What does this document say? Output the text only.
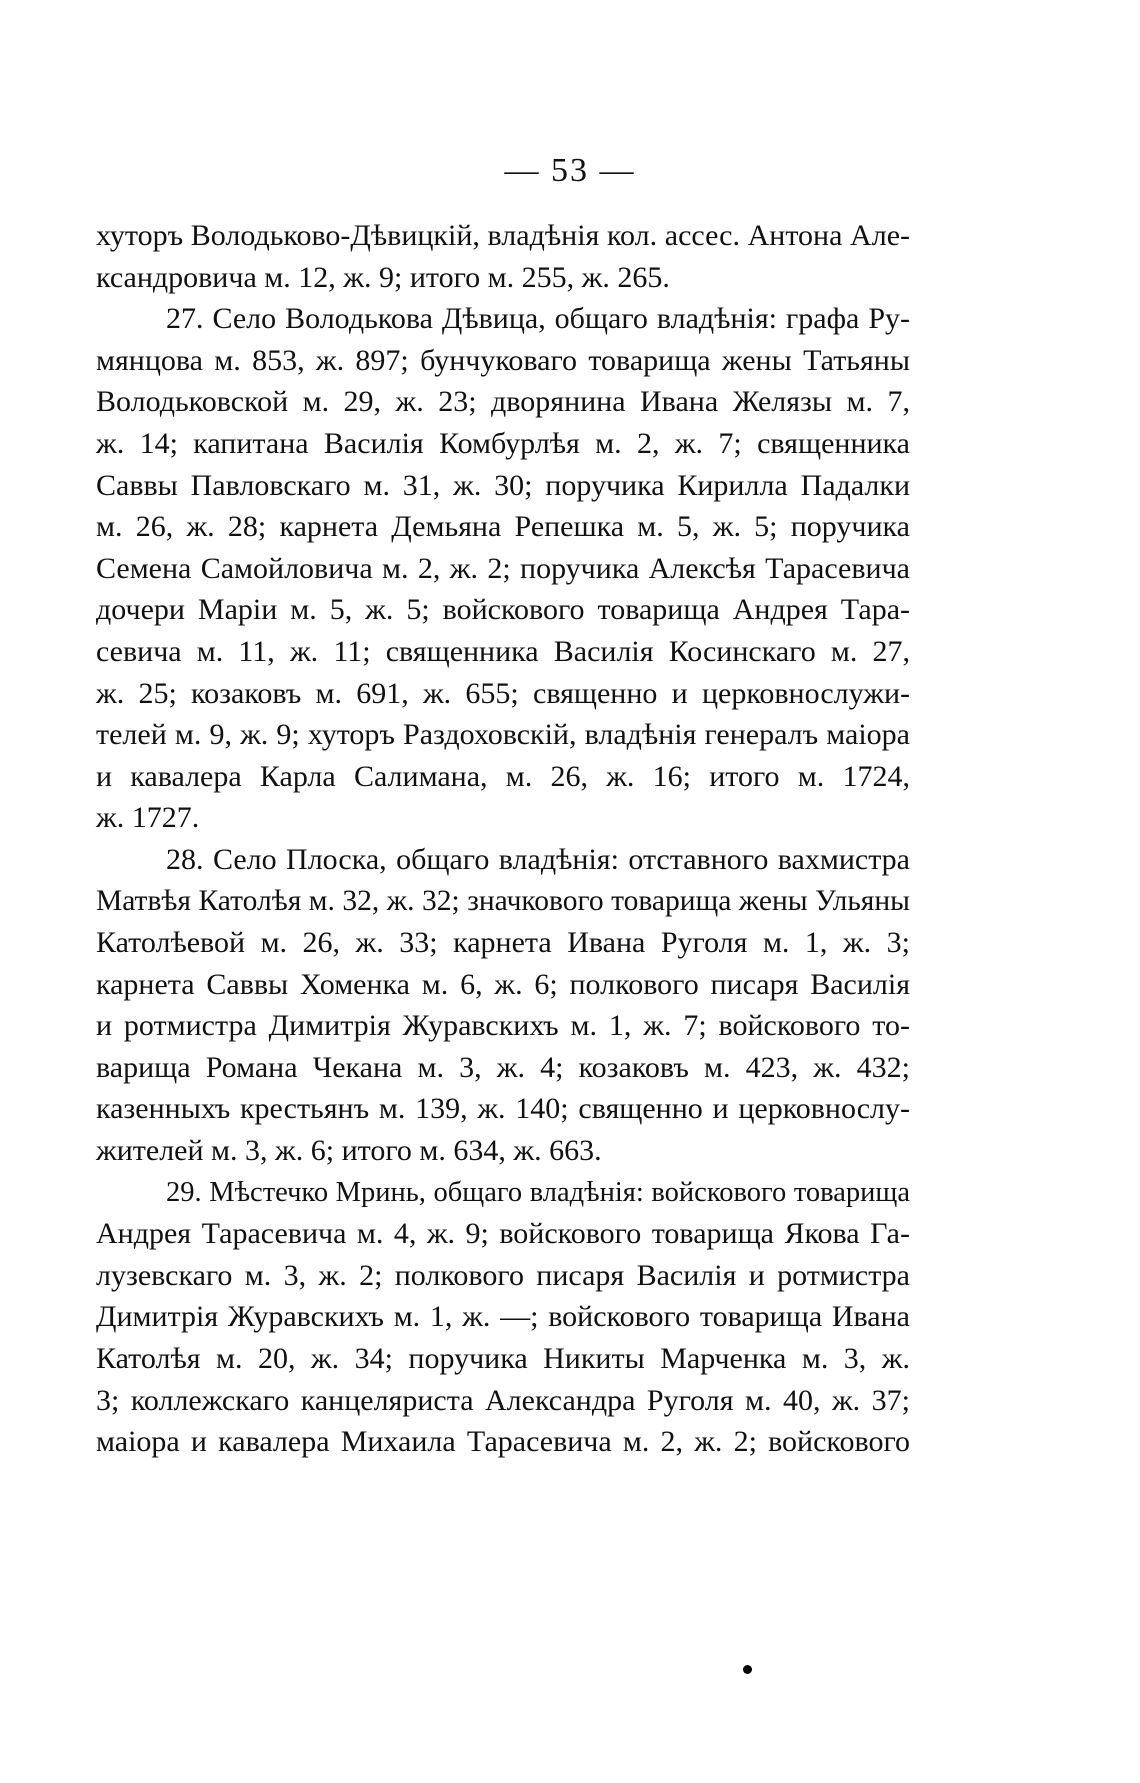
— 53 —
хуторъ Володьково-Дѣвицкій, владѣнія кол. ассес. Антона Але-
ксандровича м. 12, ж. 9; итого м. 255, ж. 265.
27. Село Володькова Дѣвица, общаго владѣнія: графа Ру-
мянцова м. 853, ж. 897; бунчуковаго товарища жены Татьяны
Володьковской м. 29, ж. 23; дворянина Ивана Желязы м. 7,
ж. 14; капитана Василія Комбурлѣя м. 2, ж. 7; священника
Саввы Павловскаго м. 31, ж. 30; поручика Кирилла Падалки
м. 26, ж. 28; карнета Демьяна Репешка м. 5, ж. 5; поручика
Семена Самойловича м. 2, ж. 2; поручика Алексѣя Тарасевича
дочери Маріи м. 5, ж. 5; войскового товарища Андрея Тара-
севича м. 11, ж. 11; священника Василія Косинскаго м. 27,
ж. 25; козаковъ м. 691, ж. 655; священно и церковнослужи-
телей м. 9, ж. 9; хуторъ Раздоховскій, владѣнія генералъ маіора
и кавалера Карла Салимана, м. 26, ж. 16; итого м. 1724,
ж. 1727.
28. Село Плоска, общаго владѣнія: отставного вахмистра
Матвѣя Католѣя м. 32, ж. 32; значкового товарища жены Ульяны
Католѣевой м. 26, ж. 33; карнета Ивана Руголя м. 1, ж. 3;
карнета Саввы Хоменка м. 6, ж. 6; полкового писаря Василія
и ротмистра Димитрія Журавскихъ м. 1, ж. 7; войскового то-
варища Романа Чекана м. 3, ж. 4; козаковъ м. 423, ж. 432;
казенныхъ крестьянъ м. 139, ж. 140; священно и церковнослу-
жителей м. 3, ж. 6; итого м. 634, ж. 663.
29. Мѣстечко Мринь, общаго владѣнія: войскового товарища
Андрея Тарасевича м. 4, ж. 9; войскового товарища Якова Га-
лузевскаго м. 3, ж. 2; полкового писаря Василія и ротмистра
Димитрія Журавскихъ м. 1, ж. —; войскового товарища Ивана
Католѣя м. 20, ж. 34; поручика Никиты Марченка м. 3, ж.
3; коллежскаго канцеляриста Александра Руголя м. 40, ж. 37;
маіора и кавалера Михаила Тарасевича м. 2, ж. 2; войскового
